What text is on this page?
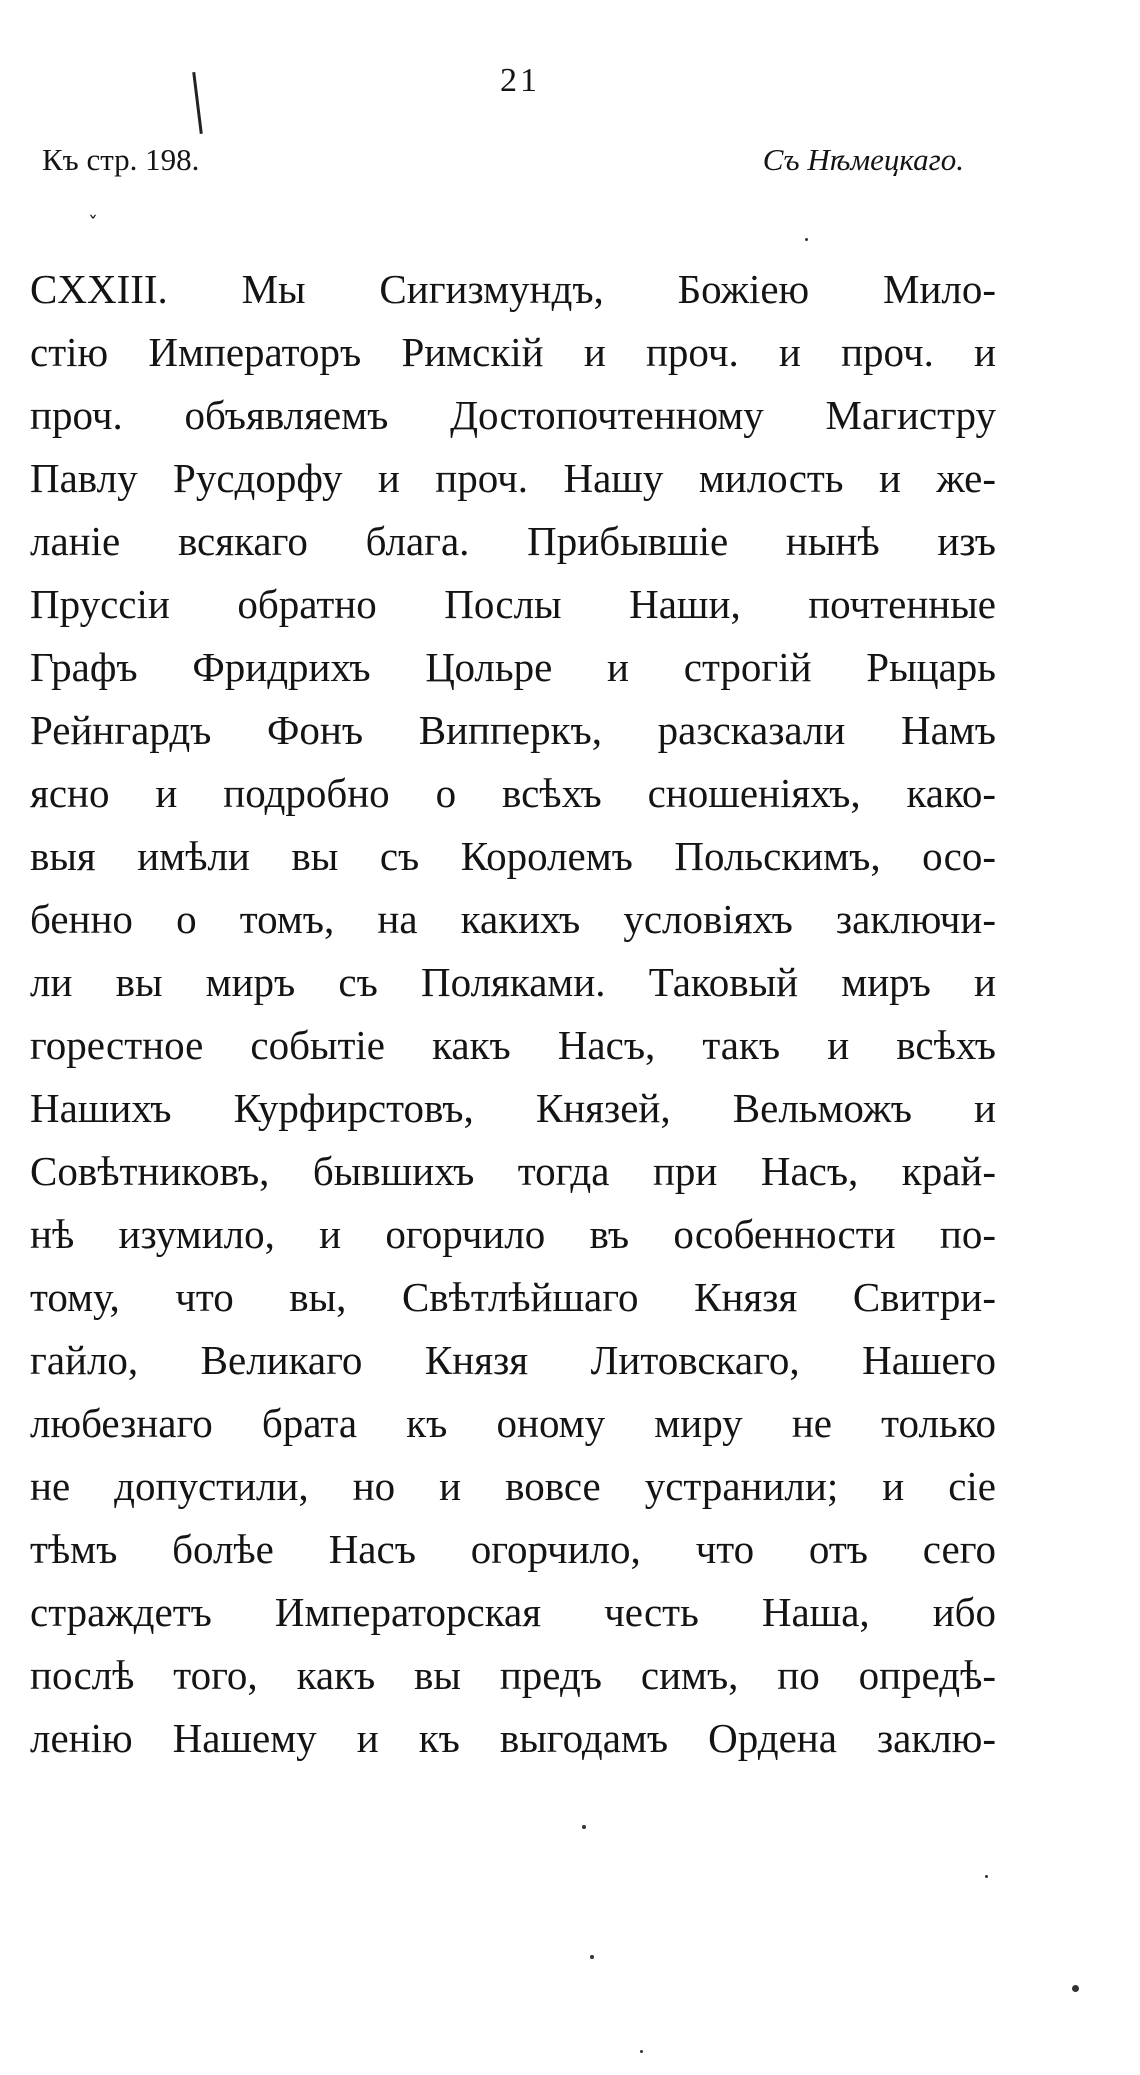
21
Къ стр. 198.	Съ Нѣмецкаго.
ˇ
CXXIII. Мы Сигизмундъ, Божiею Мило-
стiю Императоръ Римскiй и проч. и проч. и
проч. объявляемъ Достопочтенному Магистру
Павлу Русдорфу и проч. Нашу милость и же-
ланiе всякаго блага. Прибывшiе нынѣ изъ
Пруссiи обратно Послы Наши, почтенные
Графъ Фридрихъ Цольре и строгiй Рыцарь
Рейнгардъ Фонъ Випперкъ, разсказали Намъ
ясно и подробно о всѣхъ сношенiяхъ, како-
выя имѣли вы съ Королемъ Польскимъ, осо-
бенно о томъ, на какихъ условiяхъ заключи-
ли вы миръ съ Поляками. Таковый миръ и
горестное событiе какъ Насъ, такъ и всѣхъ
Нашихъ Курфирстовъ, Князей, Вельможъ и
Совѣтниковъ, бывшихъ тогда при Насъ, край-
нѣ изумило, и огорчило въ особенности по-
тому, что вы, Свѣтлѣйшаго Князя Свитри-
гайло, Великаго Князя Литовскаго, Нашего
любезнаго брата къ оному миру не только
не допустили, но и вовсе устранили; и сiе
тѣмъ болѣе Насъ огорчило, что отъ сего
страждетъ Императорская честь Наша, ибо
послѣ того, какъ вы предъ симъ, по опредѣ-
ленiю Нашему и къ выгодамъ Ордена заклю-
